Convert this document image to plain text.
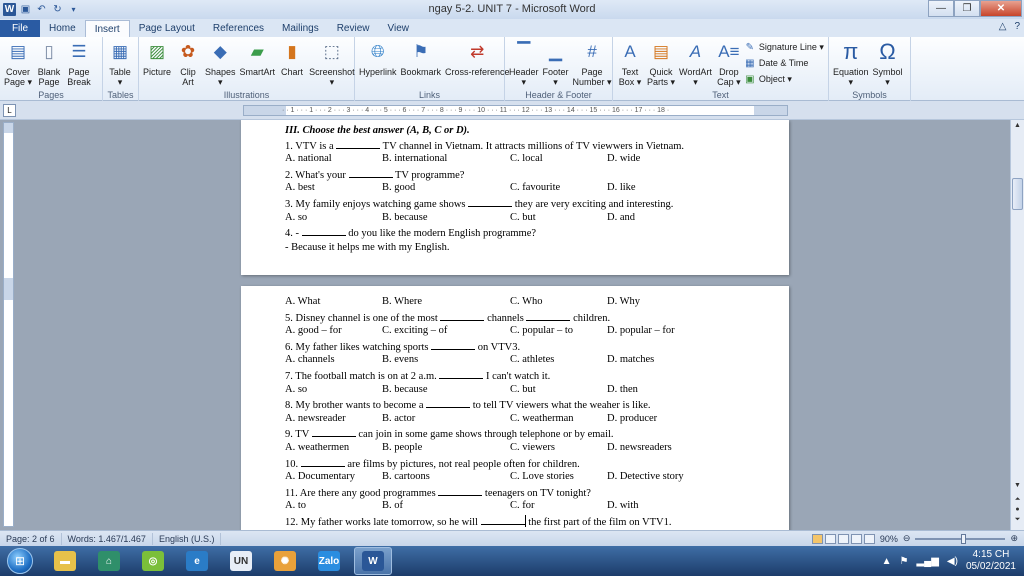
W ▣ ↶ ↻	▾	ngay 5-2. UNIT 7 - Microsoft Word	—	❐	✕
File	Home	Insert	Page Layout	References	Mailings	Review	View	△ ?
▤
Cover
Page ▾
▯
Blank
Page
☰
Page
Break
Pages
▦
Table
▾
Tables
▨
Picture
✿
Clip
Art
◆
Shapes
▾
▰
SmartArt
▮
Chart
⬚
Screenshot
▾
Illustrations
🌐︎
Hyperlink
⚑
Bookmark
⇄
Cross-reference
Links
▔
Header
▾
▁
Footer
▾
#
Page
Number ▾
Header & Footer
A
Text
Box ▾
▤
Quick
Parts ▾
A
WordArt
▾
A≡
Drop
Cap ▾
✎ Signature Line ▾
▦ Date & Time
▣ Object ▾
Text
π
Equation
▾
Ω
Symbol
▾
Symbols
L	· · 1 · · · 1 · · · 2 · · · 3 · · · 4 · · · 5 · · · 6 · · · 7 · · · 8 · · · 9 · · · 10 · · · 11 · · · 12 · · · 13 · · · 14 · · · 15 · · · 16 · · · 17 · · · 18 ·
III. Choose the best answer (A, B, C or D).
1. VTV is a	TV channel in Vietnam. It attracts millions of TV viewwers in Vietnam.
A. national	B. international	C. local	D. wide
2. What's your	TV programme?
A. best	B. good	C. favourite	D. like
3. My family enjoys watching game shows	they are very exciting and interesting.
A. so	B. because	C. but	D. and
4. -	do you like the modern English programme?
- Because it helps me with my English.
A. What	B. Where	C. Who	D. Why
5. Disney channel is one of the most	channels	children.
A. good – for	C. exciting – of	C. popular – to	D. popular – for
6. My father likes watching sports	on VTV3.
A. channels	B. evens	C. athletes	D. matches
7. The football match is on at 2 a.m.	I can't watch it.
A. so	B. because	C. but	D. then
8. My brother wants to become a	to tell TV viewers what the weaher is like.
A. newsreader	B. actor	C. weatherman	D. producer
9. TV	can join in some game shows through telephone or by email.
A. weathermen	B. people	C. viewers	D. newsreaders
10.	are films by pictures, not real people often for children.
A. Documentary	B. cartoons	C. Love stories	D. Detective story
11. Are there any good programmes	teenagers on TV tonight?
A. to	B. of	C. for	D. with
12. My father works late tomorrow, so he will	the first part of the film on VTV1.
▲
▼
⏶
●
⏷
Page: 2 of 6	Words: 1.467/1.467	English (U.S.)	90% ⊖	⊕
⊞	▬	⌂	◎	e	UN	✺	Zalo	W	▲ ⚑ ▂▄▆ ◀)
4:15 CH
05/02/2021
